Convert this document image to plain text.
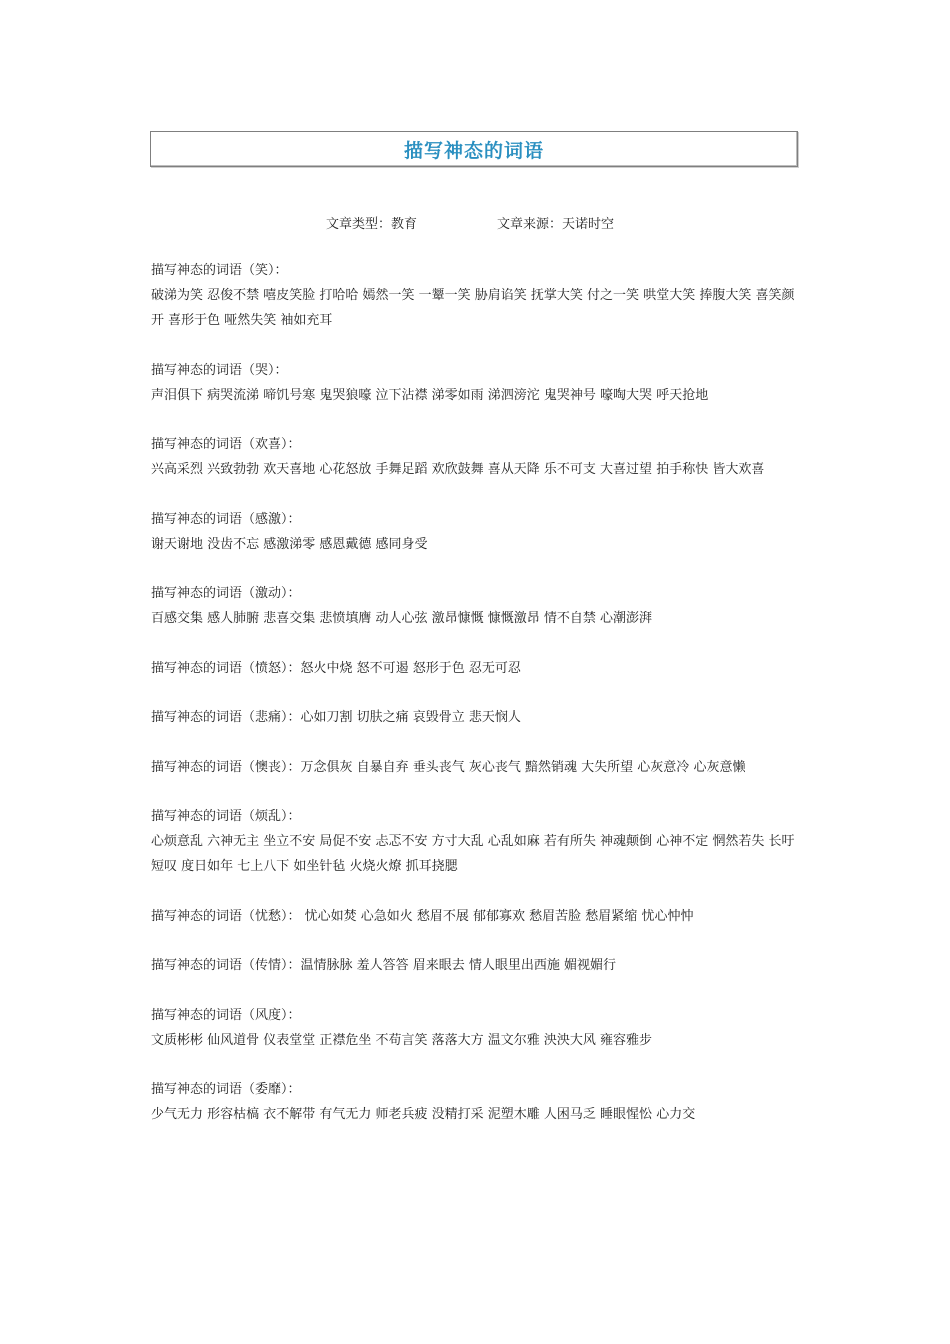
描写神态的词语
文章类型：教育	文章来源：天诺时空
描写神态的词语（笑）：
破涕为笑 忍俊不禁 嘻皮笑脸 打哈哈 嫣然一笑 一颦一笑 胁肩谄笑 抚掌大笑 付之一笑 哄堂大笑 捧腹大笑 喜笑颜开 喜形于色 哑然失笑 袖如充耳
描写神态的词语（哭）：
声泪俱下 病哭流涕 啼饥号寒 鬼哭狼嚎 泣下沾襟 涕零如雨 涕泗滂沱 鬼哭神号 嚎啕大哭 呼天抢地
描写神态的词语（欢喜）：
兴高采烈 兴致勃勃 欢天喜地 心花怒放 手舞足蹈 欢欣鼓舞 喜从天降 乐不可支 大喜过望 拍手称快 皆大欢喜
描写神态的词语（感激）：
谢天谢地 没齿不忘 感激涕零 感恩戴德 感同身受
描写神态的词语（激动）：
百感交集 感人肺腑 悲喜交集 悲愤填膺 动人心弦 激昂慷慨 慷慨激昂 情不自禁 心潮澎湃
描写神态的词语（愤怒）：怒火中烧 怒不可遏 怒形于色 忍无可忍
描写神态的词语（悲痛）：心如刀割 切肤之痛 哀毁骨立 悲天悯人
描写神态的词语（懊丧）：万念俱灰 自暴自弃 垂头丧气 灰心丧气 黯然销魂 大失所望 心灰意冷 心灰意懒
描写神态的词语（烦乱）：
心烦意乱 六神无主 坐立不安 局促不安 忐忑不安 方寸大乱 心乱如麻 若有所失 神魂颠倒 心神不定 惘然若失 长吁短叹 度日如年 七上八下 如坐针毡 火烧火燎 抓耳挠腮
描写神态的词语（忧愁）： 忧心如焚 心急如火 愁眉不展 郁郁寡欢 愁眉苦脸 愁眉紧缩 忧心忡忡
描写神态的词语（传情）：温情脉脉 羞人答答 眉来眼去 情人眼里出西施 媚视媚行
描写神态的词语（风度）：
文质彬彬 仙风道骨 仪表堂堂 正襟危坐 不苟言笑 落落大方 温文尔雅 泱泱大风 雍容雅步
描写神态的词语（委靡）：
少气无力 形容枯槁 衣不解带 有气无力 师老兵疲 没精打采 泥塑木雕 人困马乏 睡眼惺忪 心力交
